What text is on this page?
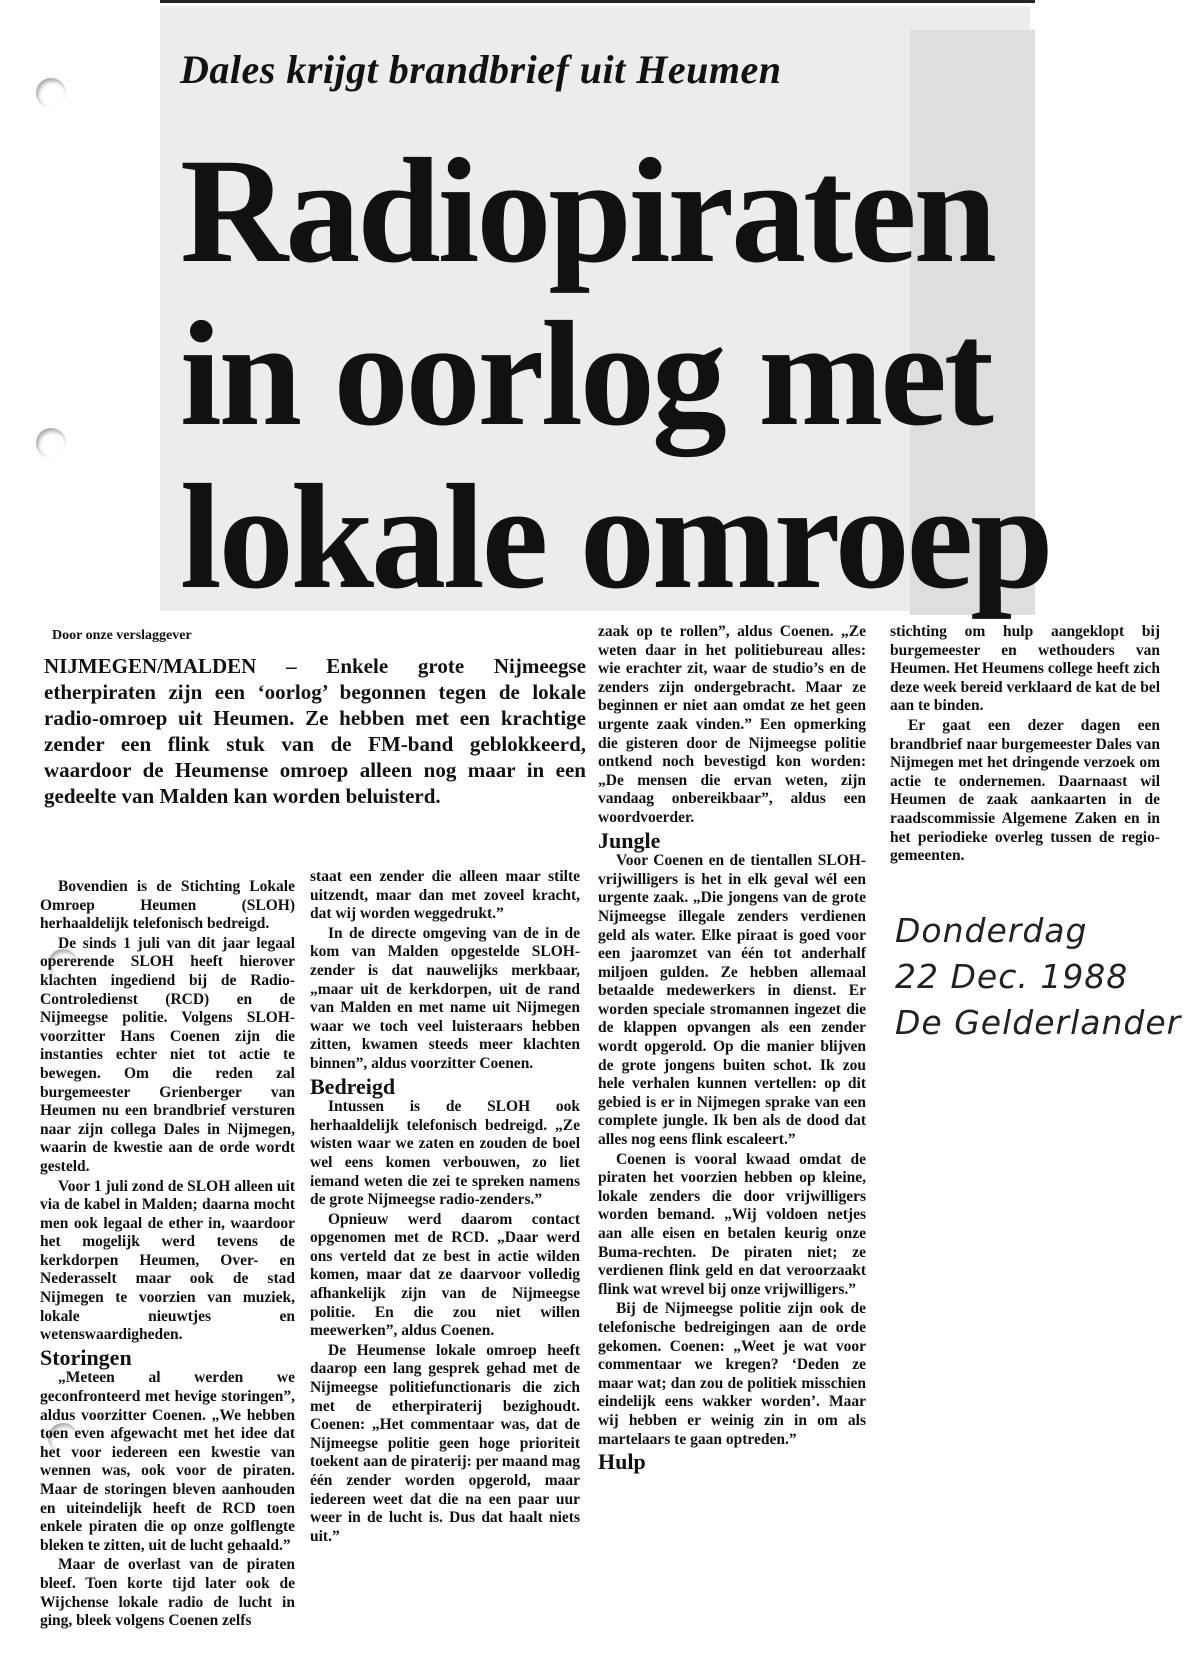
Dales krijgt brandbrief uit Heumen
Radiopiraten
in oorlog met
lokale omroep
Door onze verslaggever
NIJMEGEN/MALDEN – Enkele grote Nijmeegse etherpiraten zijn een ‘oorlog’ begonnen tegen de lokale radio-omroep uit Heumen. Ze hebben met een krachtige zender een flink stuk van de FM-band geblokkeerd, waardoor de Heumense omroep alleen nog maar in een gedeelte van Malden kan worden beluisterd.

Bovendien is de Stichting Lokale Omroep Heumen (SLOH) herhaaldelijk telefonisch bedreigd.

De sinds 1 juli van dit jaar legaal opererende SLOH heeft hierover klachten ingediend bij de Radio-Controledienst (RCD) en de Nijmeegse politie. Volgens SLOH-voorzitter Hans Coenen zijn die instanties echter niet tot actie te bewegen. Om die reden zal burgemeester Grienberger van Heumen nu een brandbrief versturen naar zijn collega Dales in Nijmegen, waarin de kwestie aan de orde wordt gesteld.

Voor 1 juli zond de SLOH alleen uit via de kabel in Malden; daarna mocht men ook legaal de ether in, waardoor het mogelijk werd tevens de kerkdorpen Heumen, Over- en Nederasselt maar ook de stad Nijmegen te voorzien van muziek, lokale nieuwtjes en wetenswaardigheden.

Storingen

„Meteen al werden we geconfronteerd met hevige storingen”, aldus voorzitter Coenen. „We hebben toen even afgewacht met het idee dat het voor iedereen een kwestie van wennen was, ook voor de piraten. Maar de storingen bleven aanhouden en uiteindelijk heeft de RCD toen enkele piraten die op onze golflengte bleken te zitten, uit de lucht gehaald.”

Maar de overlast van de piraten bleef. Toen korte tijd later ook de Wijchense lokale radio de lucht in ging, bleek volgens Coenen zelfs

staat een zender die alleen maar stilte uitzendt, maar dan met zoveel kracht, dat wij worden weggedrukt.”

In de directe omgeving van de in de kom van Malden opgestelde SLOH-zender is dat nauwelijks merkbaar, „maar uit de kerkdorpen, uit de rand van Malden en met name uit Nijmegen waar we toch veel luisteraars hebben zitten, kwamen steeds meer klachten binnen”, aldus voorzitter Coenen.

Bedreigd

Intussen is de SLOH ook herhaaldelijk telefonisch bedreigd. „Ze wisten waar we zaten en zouden de boel wel eens komen verbouwen, zo liet iemand weten die zei te spreken namens de grote Nijmeegse radio-zenders.”

Opnieuw werd daarom contact opgenomen met de RCD. „Daar werd ons verteld dat ze best in actie wilden komen, maar dat ze daarvoor volledig afhankelijk zijn van de Nijmeegse politie. En die zou niet willen meewerken”, aldus Coenen.

De Heumense lokale omroep heeft daarop een lang gesprek gehad met de Nijmeegse politiefunctionaris die zich met de etherpiraterij bezighoudt. Coenen: „Het commentaar was, dat de Nijmeegse politie geen hoge prioriteit toekent aan de piraterij: per maand mag één zender worden opgerold, maar iedereen weet dat die na een paar uur weer in de lucht is. Dus dat haalt niets uit.”

zaak op te rollen”, aldus Coenen. „Ze weten daar in het politiebureau alles: wie erachter zit, waar de studio’s en de zenders zijn ondergebracht. Maar ze beginnen er niet aan omdat ze het geen urgente zaak vinden.” Een opmerking die gisteren door de Nijmeegse politie ontkend noch bevestigd kon worden: „De mensen die ervan weten, zijn vandaag onbereikbaar”, aldus een woordvoerder.

Jungle

Voor Coenen en de tientallen SLOH-vrijwilligers is het in elk geval wél een urgente zaak. „Die jongens van de grote Nijmeegse illegale zenders verdienen geld als water. Elke piraat is goed voor een jaaromzet van één tot anderhalf miljoen gulden. Ze hebben allemaal betaalde medewerkers in dienst. Er worden speciale stromannen ingezet die de klappen opvangen als een zender wordt opgerold. Op die manier blijven de grote jongens buiten schot. Ik zou hele verhalen kunnen vertellen: op dit gebied is er in Nijmegen sprake van een complete jungle. Ik ben als de dood dat alles nog eens flink escaleert.”

Coenen is vooral kwaad omdat de piraten het voorzien hebben op kleine, lokale zenders die door vrijwilligers worden bemand. „Wij voldoen netjes aan alle eisen en betalen keurig onze Buma-rechten. De piraten niet; ze verdienen flink geld en dat veroorzaakt flink wat wrevel bij onze vrijwilligers.”

Bij de Nijmeegse politie zijn ook de telefonische bedreigingen aan de orde gekomen. Coenen: „Weet je wat voor commentaar we kregen? ‘Deden ze maar wat; dan zou de politiek misschien eindelijk eens wakker worden’. Maar wij hebben er weinig zin in om als martelaars te gaan optreden.”

Hulp

stichting om hulp aangeklopt bij burgemeester en wethouders van Heumen. Het Heumens college heeft zich deze week bereid verklaard de kat de bel aan te binden.

Er gaat een dezer dagen een brandbrief naar burgemeester Dales van Nijmegen met het dringende verzoek om actie te ondernemen. Daarnaast wil Heumen de zaak aankaarten in de raadscommissie Algemene Zaken en in het periodieke overleg tussen de regio-gemeenten.

Donderdag
22 Dec. 1988
De Gelderlander
